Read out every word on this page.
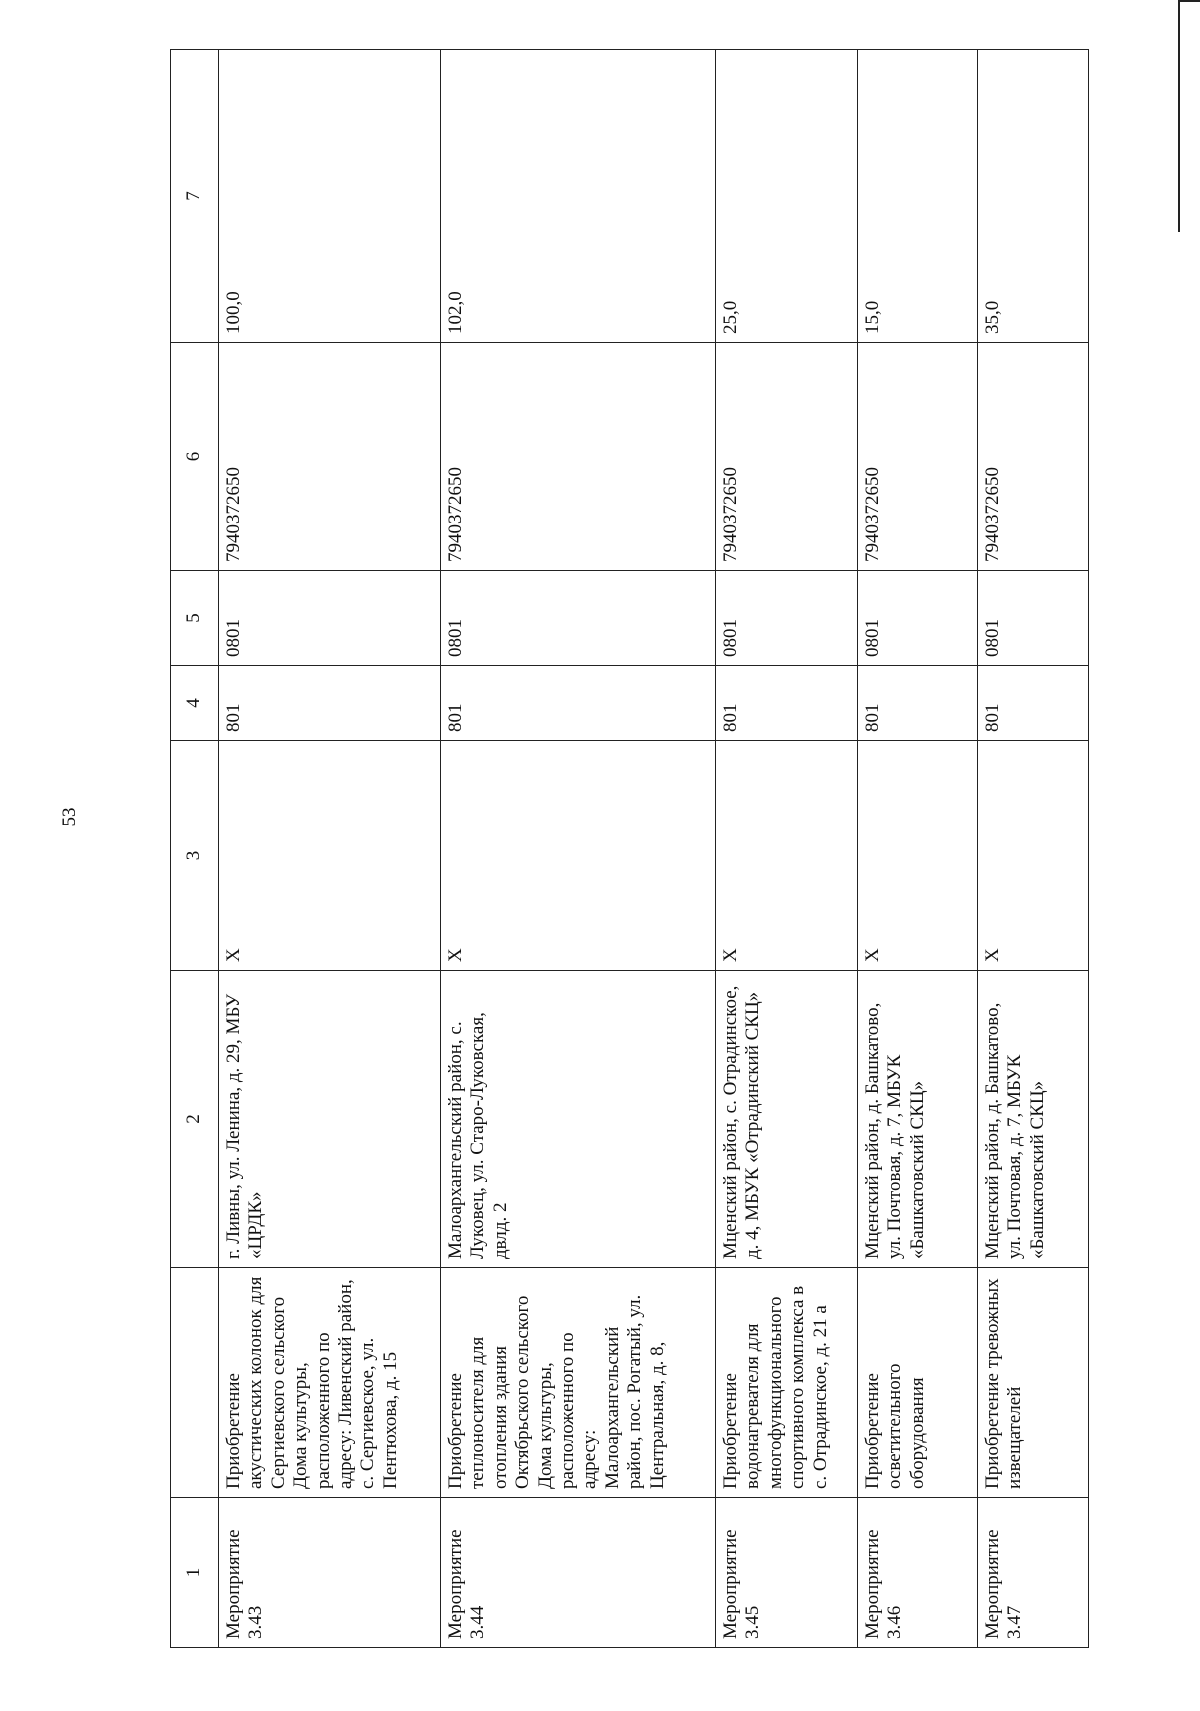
53
1		2	3	4	5	6	7
Мероприятие 3.43	Приобретение акустических колонок для Сергиевского сельского Дома культуры, расположенного по адресу: Ливенский район, с. Сергиевское, ул. Пентюхова, д. 15	г. Ливны, ул. Ленина, д. 29, МБУ «ЦРДК»	X	801	0801	7940372650	100,0
Мероприятие 3.44	Приобретение теплоносителя для отопления здания Октябрьского сельского Дома культуры, расположенного по адресу: Малоархангельский район, пос. Рогатый, ул. Центральная, д. 8,	Малоархангельский район, с. Луковец, ул. Старо-Луковская, двлд. 2	X	801	0801	7940372650	102,0
Мероприятие 3.45	Приобретение водонагревателя для многофункционального спортивного комплекса в с. Отрадинское, д. 21 а	Мценский район, с. Отрадинское, д. 4, МБУК «Отрадинский СКЦ»	X	801	0801	7940372650	25,0
Мероприятие 3.46	Приобретение осветительного оборудования	Мценский район, д. Башкатово, ул. Почтовая, д. 7, МБУК «Башкатовский СКЦ»	X	801	0801	7940372650	15,0
Мероприятие 3.47	Приобретение тревожных извещателей	Мценский район, д. Башкатово, ул. Почтовая, д. 7, МБУК «Башкатовский СКЦ»	X	801	0801	7940372650	35,0
